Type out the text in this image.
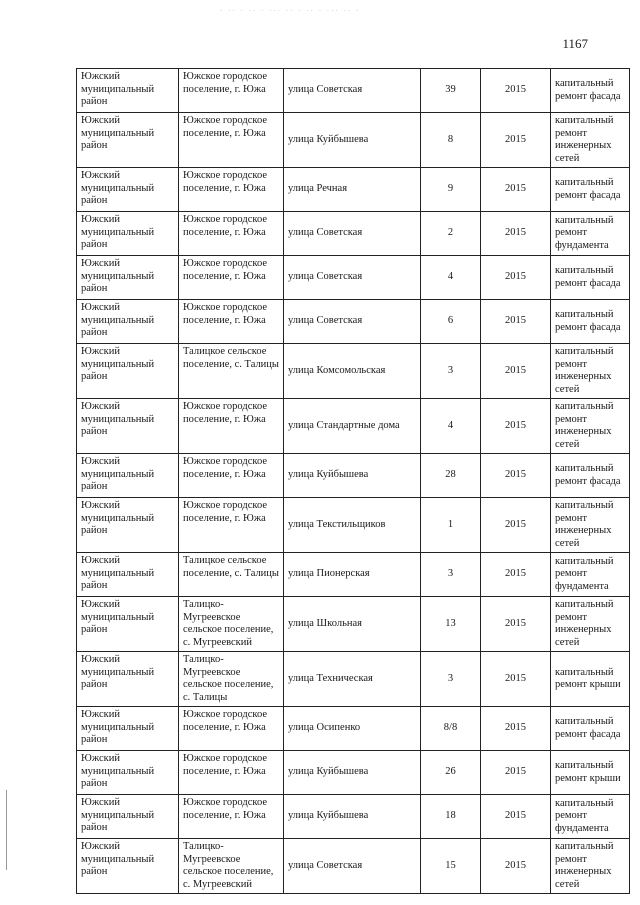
· ·· · ·· · ··· ·· · ·· · ··· ·· ·
1167
Южский муниципальный район	Южское городское поселение, г. Южа	улица Советская	39	2015	капитальный ремонт фасада
Южский муниципальный район	Южское городское поселение, г. Южа	улица Куйбышева	8	2015	капитальный ремонт инженерных сетей
Южский муниципальный район	Южское городское поселение, г. Южа	улица Речная	9	2015	капитальный ремонт фасада
Южский муниципальный район	Южское городское поселение, г. Южа	улица Советская	2	2015	капитальный ремонт фундамента
Южский муниципальный район	Южское городское поселение, г. Южа	улица Советская	4	2015	капитальный ремонт фасада
Южский муниципальный район	Южское городское поселение, г. Южа	улица Советская	6	2015	капитальный ремонт фасада
Южский муниципальный район	Талицкое сельское поселение, с. Талицы	улица Комсомольская	3	2015	капитальный ремонт инженерных сетей
Южский муниципальный район	Южское городское поселение, г. Южа	улица Стандартные дома	4	2015	капитальный ремонт инженерных сетей
Южский муниципальный район	Южское городское поселение, г. Южа	улица Куйбышева	28	2015	капитальный ремонт фасада
Южский муниципальный район	Южское городское поселение, г. Южа	улица Текстильщиков	1	2015	капитальный ремонт инженерных сетей
Южский муниципальный район	Талицкое сельское поселение, с. Талицы	улица Пионерская	3	2015	капитальный ремонт фундамента
Южский муниципальный район	Талицко-Мугреевское сельское поселение, с. Мугреевский	улица Школьная	13	2015	капитальный ремонт инженерных сетей
Южский муниципальный район	Талицко-Мугреевское сельское поселение, с. Талицы	улица Техническая	3	2015	капитальный ремонт крыши
Южский муниципальный район	Южское городское поселение, г. Южа	улица Осипенко	8/8	2015	капитальный ремонт фасада
Южский муниципальный район	Южское городское поселение, г. Южа	улица Куйбышева	26	2015	капитальный ремонт крыши
Южский муниципальный район	Южское городское поселение, г. Южа	улица Куйбышева	18	2015	капитальный ремонт фундамента
Южский муниципальный район	Талицко-Мугреевское сельское поселение, с. Мугреевский	улица Советская	15	2015	капитальный ремонт инженерных сетей
